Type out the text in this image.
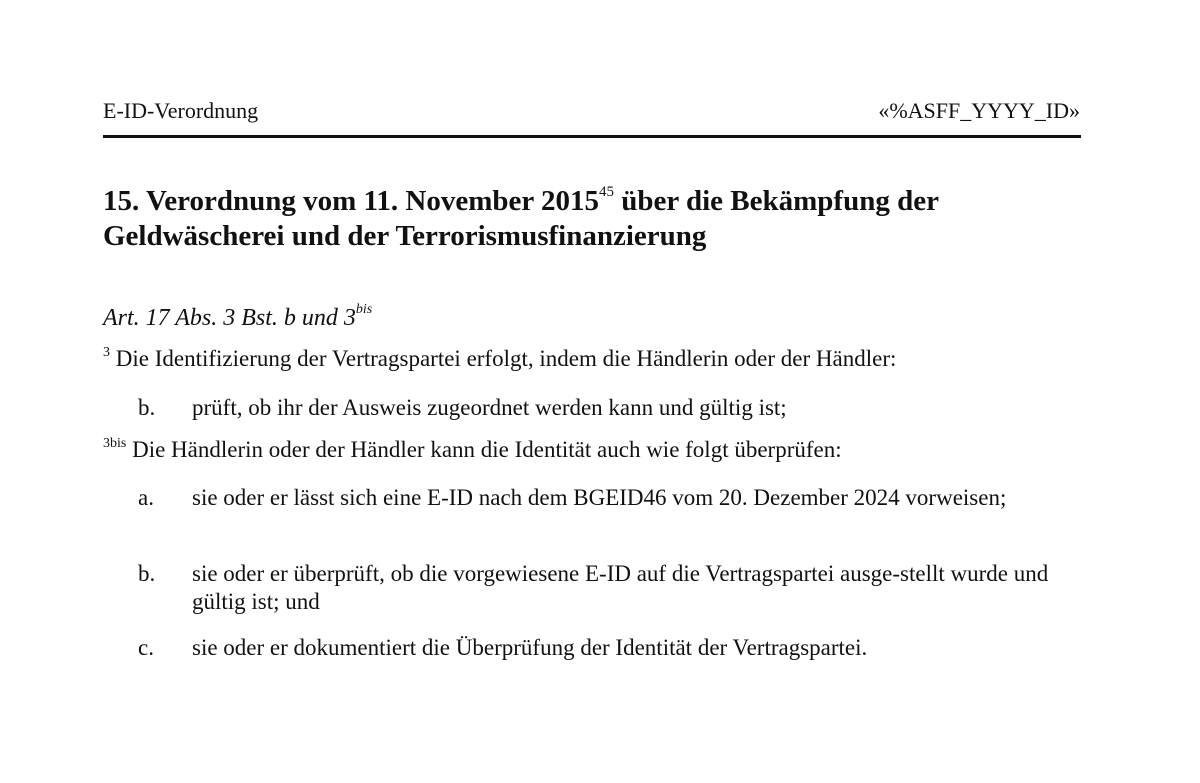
E-ID-Verordnung	«%ASFF_YYYY_ID»
15. Verordnung vom 11. November 2015$^{45}$ über die Bekämpfung der Geldwäscherei und der Terrorismusfinanzierung
Art. 17 Abs. 3 Bst. b und $3^{bis}$
$^3$ Die Identifizierung der Vertragspartei erfolgt, indem die Händlerin oder der Händler:
b. prüft, ob ihr der Ausweis zugeordnet werden kann und gültig ist;
$^{3bis}$ Die Händlerin oder der Händler kann die Identität auch wie folgt überprüfen:
a. sie oder er lässt sich eine E-ID nach dem BGEID46 vom 20. Dezember 2024 vorweisen;
b. sie oder er überprüft, ob die vorgewiesene E-ID auf die Vertragspartei ausge-stellt wurde und gültig ist; und
c. sie oder er dokumentiert die Überprüfung der Identität der Vertragspartei.
